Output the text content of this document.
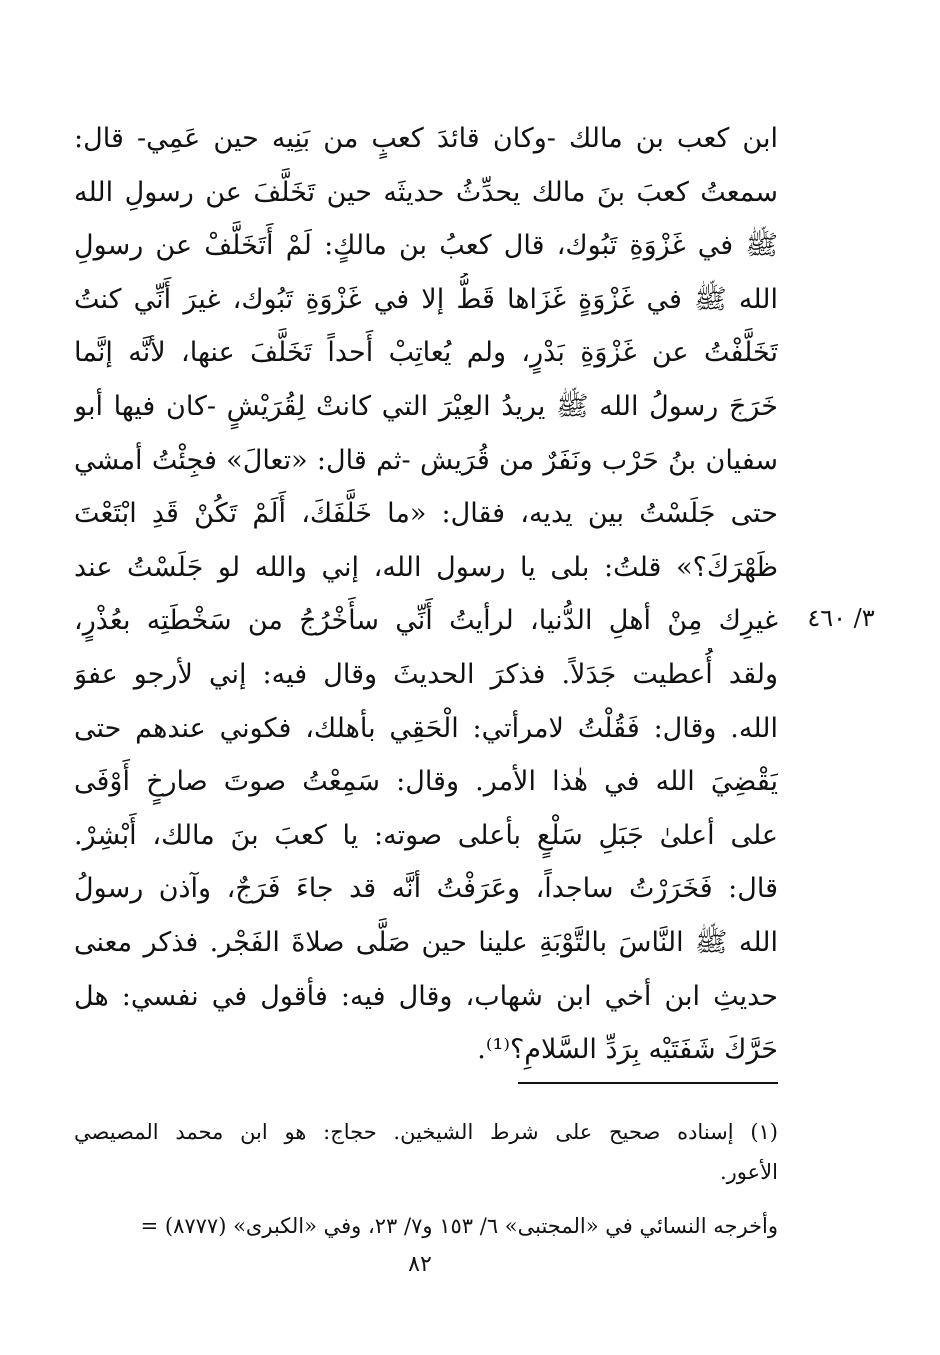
ابن كعب بن مالك -وكان قائدَ كعبٍ من بَنِيه حين عَمِي- قال:
سمعتُ كعبَ بنَ مالك يحدِّثُ حديثَه حين تَخَلَّفَ عن رسولِ الله
ﷺ في غَزْوَةِ تَبُوك، قال كعبُ بن مالكٍ: لَمْ أَتَخَلَّفْ عن رسولِ
الله ﷺ في غَزْوَةٍ غَزَاها قَطُّ إلا في غَزْوَةِ تَبُوك، غيرَ أَنِّي كنتُ
تَخَلَّفْتُ عن غَزْوَةِ بَدْرٍ، ولم يُعاتِبْ أَحداً تَخَلَّفَ عنها، لأنَّه إنَّما
خَرَجَ رسولُ الله ﷺ يريدُ العِيْرَ التي كانتْ لِقُرَيْشٍ -كان فيها أبو
سفيان بنُ حَرْب ونَفَرٌ من قُرَيش -ثم قال: «تعالَ» فجِئْتُ أمشي
حتى جَلَسْتُ بين يديه، فقال: «ما خَلَّفَكَ، أَلَمْ تَكُنْ قَدِ ابْتَعْتَ
ظَهْرَكَ؟» قلتُ: بلى يا رسول الله، إني والله لو جَلَسْتُ عند
غيرِك مِنْ أهلِ الدُّنيا، لرأيتُ أَنِّي سأَخْرُجُ من سَخْطَتِه بعُذْرٍ،
ولقد أُعطيت جَدَلاً. فذكرَ الحديثَ وقال فيه: إني لأرجو عفوَ
الله. وقال: فَقُلْتُ لامرأتي: الْحَقِي بأهلك، فكوني عندهم حتى
يَقْضِيَ الله في هٰذا الأمر. وقال: سَمِعْتُ صوتَ صارخٍ أَوْفَى
على أعلىٰ جَبَلِ سَلْعٍ بأعلى صوته: يا كعبَ بنَ مالك، أَبْشِرْ.
قال: فَخَرَرْتُ ساجداً، وعَرَفْتُ أنَّه قد جاءَ فَرَجٌ، وآذن رسولُ
الله ﷺ النَّاسَ بالتَّوْبَةِ علينا حين صَلَّى صلاةَ الفَجْر. فذكر معنى
حديثِ ابن أخي ابن شهاب، وقال فيه: فأقول في نفسي: هل
حَرَّكَ شَفَتَيْه بِرَدِّ السَّلامِ؟⁽¹⁾.
٣/ ٤٦٠
(١) إسناده صحيح على شرط الشيخين. حجاج: هو ابن محمد المصيصي
الأعور.
وأخرجه النسائي في «المجتبى» ٦/ ١٥٣ و٧/ ٢٣، وفي «الكبرى» (٨٧٧٧) =
٨٢
